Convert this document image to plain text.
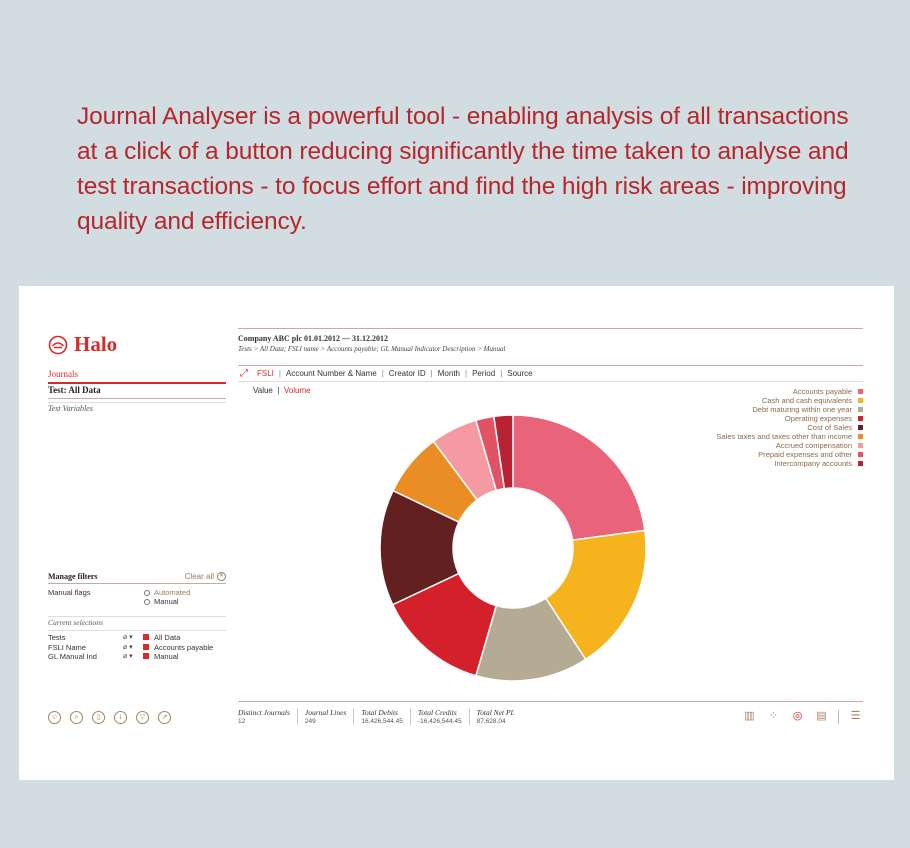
Journal Analyser is a powerful tool - enabling analysis of all transactions at a click of a button reducing significantly the time taken to analyse and test transactions - to focus effort and find the high risk areas - improving quality and efficiency.
Halo
Journals
Test: All Data
Test Variables
Manage filters	Clear all ✕
Manual flags	Automated
Manual
Current selections
Tests	⌀ ▾	All Data
FSLI Name	⌀ ▾	Accounts payable
GL Manual Ind	⌀ ▾	Manual
☺	⌕	▯	i	▽	↗
Company ABC plc 01.01.2012 — 31.12.2012
Tests > All Data; FSLI name > Accounts payable; GL Manual Indicator Description > Manual
⤢ FSLI | Account Number & Name | Creator ID | Month | Period | Source
Value  |  Volume	Accounts payable
Cash and cash equivalents
Debt maturing within one year
Operating expenses
Cost of Sales
Sales taxes and taxes other than income
Accrued compensation
Prepaid expenses and other
Intercompany accounts
Distinct Journals
12
Journal Lines
249
Total Debits
16,426,544.45
Total Credits
-16,426,544.45
Total Net PL
87,628.04	▥ ⁘ ◎ ▤ ☰
